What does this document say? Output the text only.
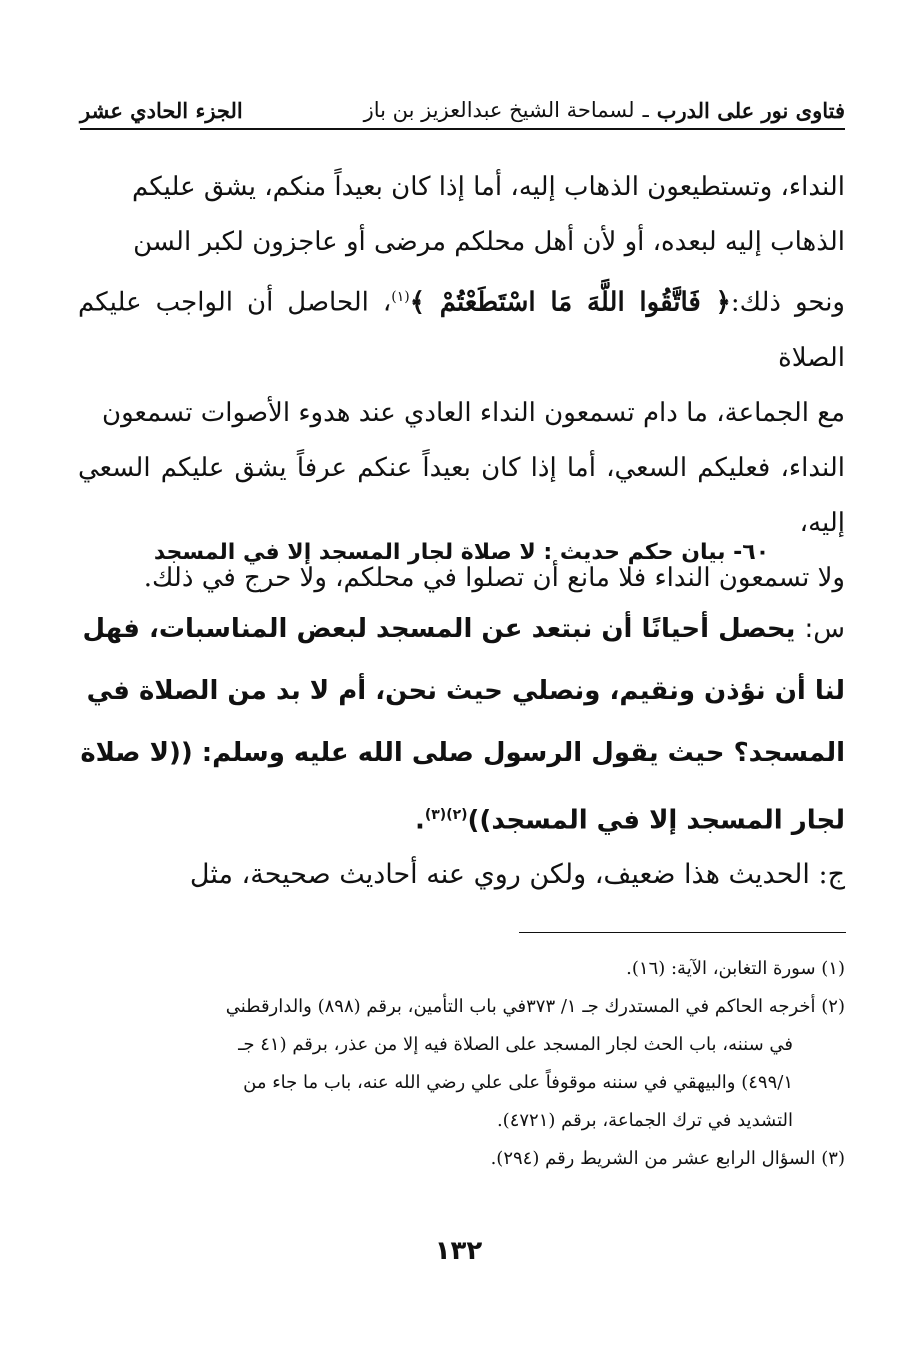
فتاوى نور على الدرب
ـ
لسماحة الشيخ عبدالعزيز بن باز
الجزء الحادي عشر

النداء، وتستطيعون الذهاب إليه، أما إذا كان بعيداً منكم، يشق عليكم

الذهاب إليه لبعده، أو لأن أهل محلكم مرضى أو عاجزون لكبر السن

ونحو ذلك:﴿ فَاتَّقُوا اللَّهَ مَا اسْتَطَعْتُمْ ﴾$^{(١)}$، الحاصل أن الواجب عليكم الصلاة

مع الجماعة، ما دام تسمعون النداء العادي عند هدوء الأصوات تسمعون

النداء، فعليكم السعي، أما إذا كان بعيداً عنكم عرفاً يشق عليكم السعي إليه،

ولا تسمعون النداء فلا مانع أن تصلوا في محلكم، ولا حرج في ذلك.

٦٠- بيان حكم حديث : لا صلاة لجار المسجد إلا في المسجد
س: يحصل أحيانًا أن نبتعد عن المسجد لبعض المناسبات، فهل لنا أن نؤذن ونقيم، ونصلي حيث نحن، أم لا بد من الصلاة في المسجد؟ حيث يقول الرسول صلى الله عليه وسلم: ((لا صلاة لجار المسجد إلا في المسجد))$^{(٢)(٣)}$.
ج: الحديث هذا ضعيف، ولكن روي عنه أحاديث صحيحة، مثل

(١) سورة التغابن، الآية: (١٦).

(٢) أخرجه الحاكم في المستدرك جـ ١/ ٣٧٣في باب التأمين، برقم (٨٩٨) والدارقطني

في سننه، باب الحث لجار المسجد على الصلاة فيه إلا من عذر، برقم (٤١ جـ

٤٩٩/١) والبيهقي في سننه موقوفاً على علي رضي الله عنه، باب ما جاء من

التشديد في ترك الجماعة، برقم (٤٧٢١).

(٣) السؤال الرابع عشر من الشريط رقم (٢٩٤).

١٣٢
